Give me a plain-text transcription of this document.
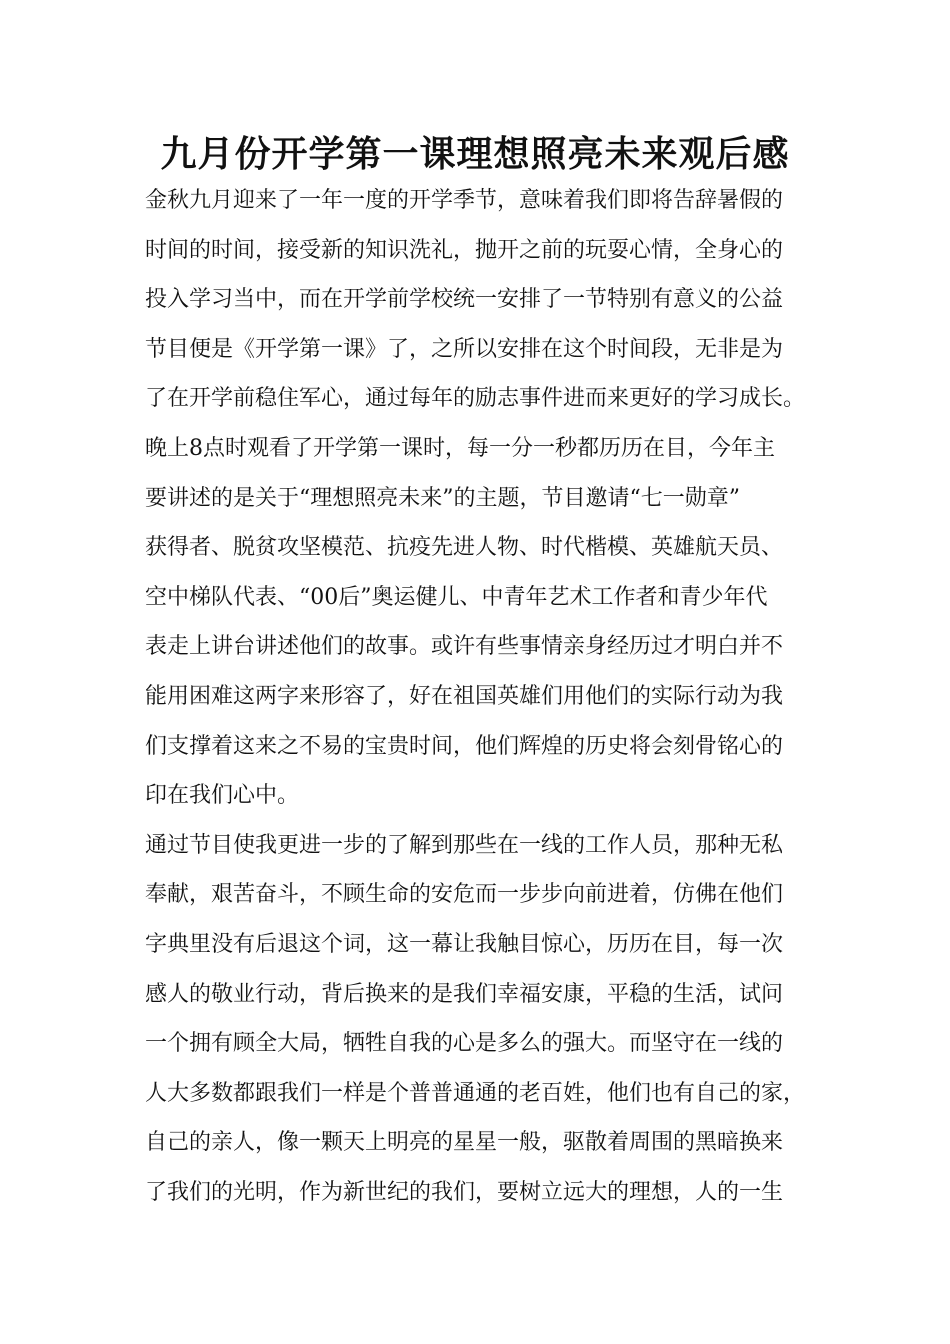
九月份开学第一课理想照亮未来观后感
金秋九月迎来了一年一度的开学季节，意味着我们即将告辞暑假的
时间的时间，接受新的知识洗礼，抛开之前的玩耍心情，全身心的
投入学习当中，而在开学前学校统一安排了一节特别有意义的公益
节目便是《开学第一课》了，之所以安排在这个时间段，无非是为
了在开学前稳住军心，通过每年的励志事件进而来更好的学习成长。
晚上8点时观看了开学第一课时，每一分一秒都历历在目，今年主
要讲述的是关于“理想照亮未来”的主题，节目邀请“七一勋章”
获得者、脱贫攻坚模范、抗疫先进人物、时代楷模、英雄航天员、
空中梯队代表、“00后”奥运健儿、中青年艺术工作者和青少年代
表走上讲台讲述他们的故事。或许有些事情亲身经历过才明白并不
能用困难这两字来形容了，好在祖国英雄们用他们的实际行动为我
们支撑着这来之不易的宝贵时间，他们辉煌的历史将会刻骨铭心的
印在我们心中。
通过节目使我更进一步的了解到那些在一线的工作人员，那种无私
奉献，艰苦奋斗，不顾生命的安危而一步步向前进着，仿佛在他们
字典里没有后退这个词，这一幕让我触目惊心，历历在目，每一次
感人的敬业行动，背后换来的是我们幸福安康，平稳的生活，试问
一个拥有顾全大局，牺牲自我的心是多么的强大。而坚守在一线的
人大多数都跟我们一样是个普普通通的老百姓，他们也有自己的家，
自己的亲人，像一颗天上明亮的星星一般，驱散着周围的黑暗换来
了我们的光明，作为新世纪的我们，要树立远大的理想，人的一生
